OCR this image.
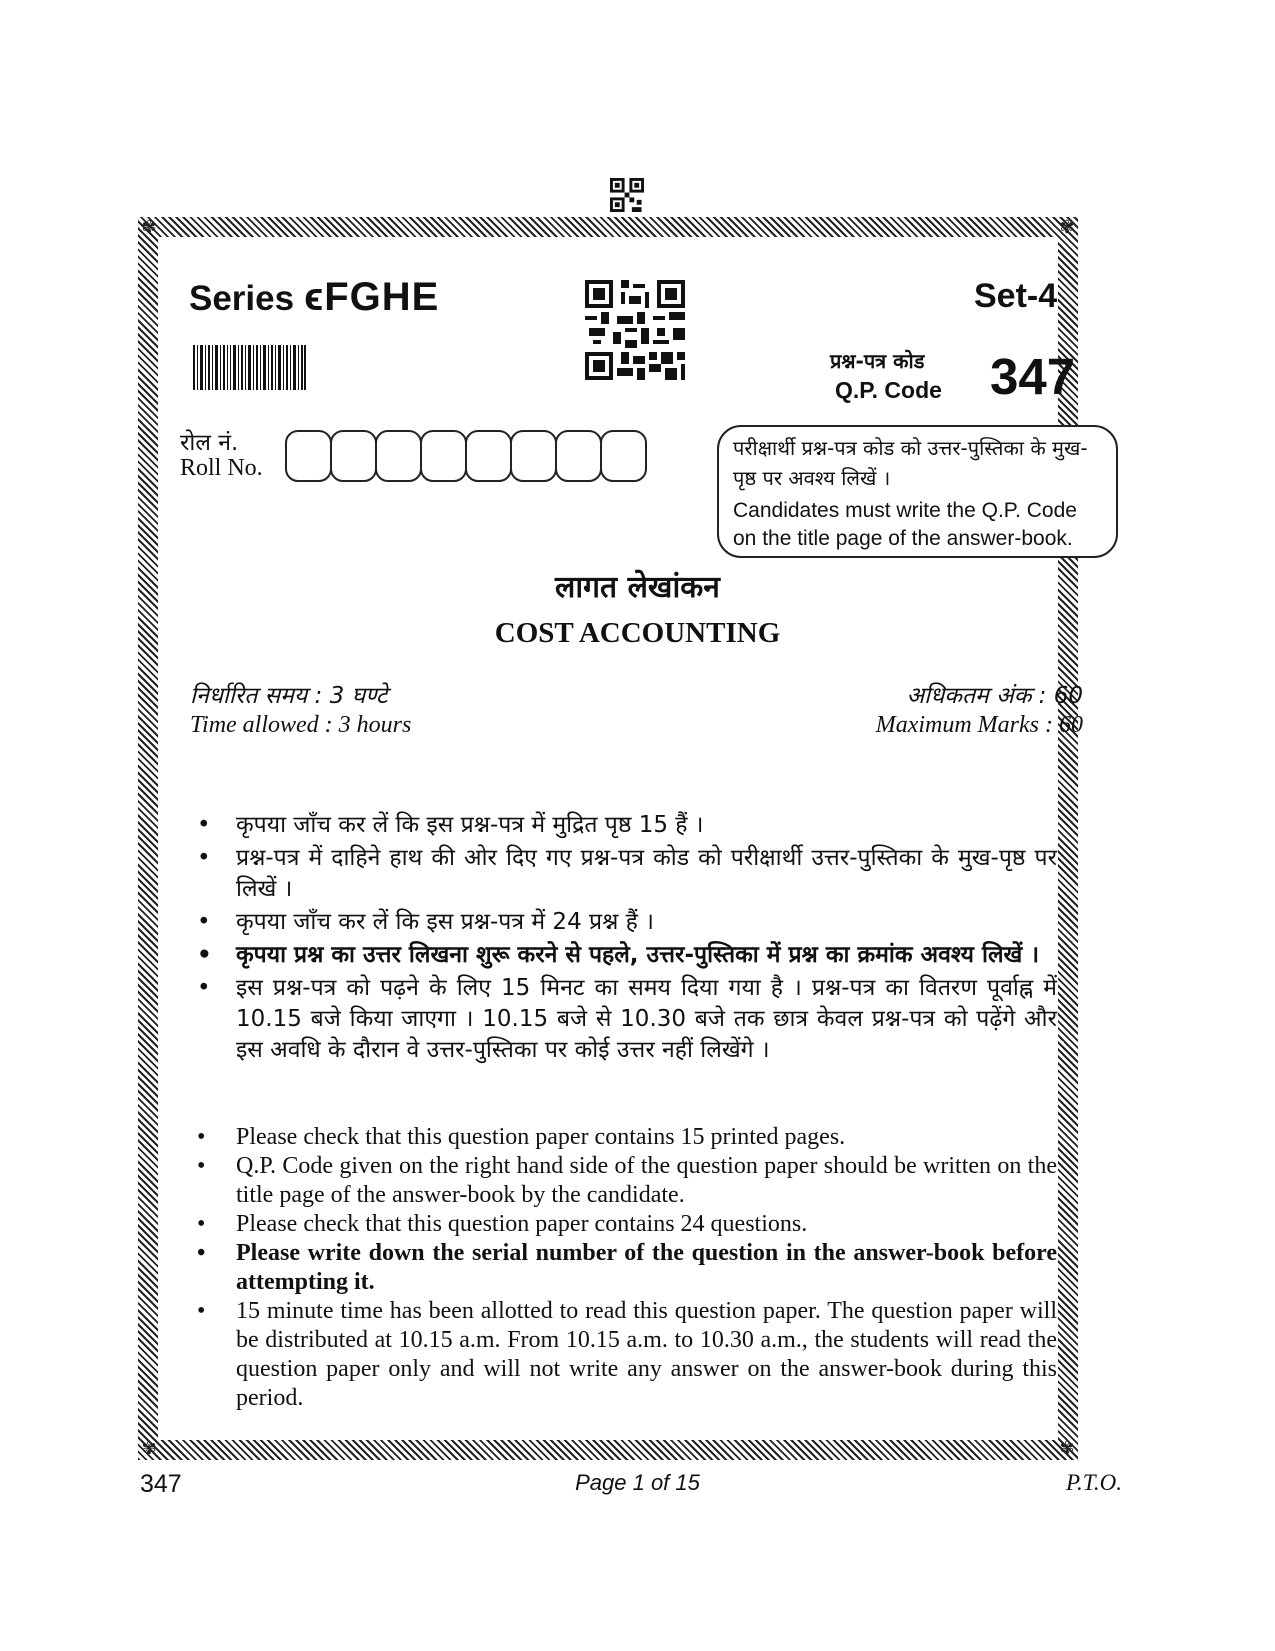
✾	✾
✾	✾
Series ϵFGHE	Set-4
प्रश्न-पत्र कोड
Q.P. Code 347
रोल नं.
Roll No.
परीक्षार्थी प्रश्न-पत्र कोड को उत्तर-पुस्तिका के मुख-पृष्ठ पर अवश्य लिखें ।
Candidates must write the Q.P. Code on the title page of the answer-book.
लागत लेखांकन
COST ACCOUNTING
निर्धारित समय : 3 घण्टे
Time allowed : 3 hours
अधिकतम अंक : 60
Maximum Marks : 60
• कृपया जाँच कर लें कि इस प्रश्न-पत्र में मुद्रित पृष्ठ 15 हैं ।
• प्रश्न-पत्र में दाहिने हाथ की ओर दिए गए प्रश्न-पत्र कोड को परीक्षार्थी उत्तर-पुस्तिका के मुख-पृष्ठ पर लिखें ।
• कृपया जाँच कर लें कि इस प्रश्न-पत्र में 24 प्रश्न हैं ।
• कृपया प्रश्न का उत्तर लिखना शुरू करने से पहले, उत्तर-पुस्तिका में प्रश्न का क्रमांक अवश्य लिखें ।
• इस प्रश्न-पत्र को पढ़ने के लिए 15 मिनट का समय दिया गया है । प्रश्न-पत्र का वितरण पूर्वाह्न में 10.15 बजे किया जाएगा । 10.15 बजे से 10.30 बजे तक छात्र केवल प्रश्न-पत्र को पढ़ेंगे और इस अवधि के दौरान वे उत्तर-पुस्तिका पर कोई उत्तर नहीं लिखेंगे ।
• Please check that this question paper contains 15 printed pages.
• Q.P. Code given on the right hand side of the question paper should be written on the title page of the answer-book by the candidate.
• Please check that this question paper contains 24 questions.
• Please write down the serial number of the question in the answer-book before attempting it.
• 15 minute time has been allotted to read this question paper. The question paper will be distributed at 10.15 a.m. From 10.15 a.m. to 10.30 a.m., the students will read the question paper only and will not write any answer on the answer-book during this period.
347	Page 1 of 15	P.T.O.
